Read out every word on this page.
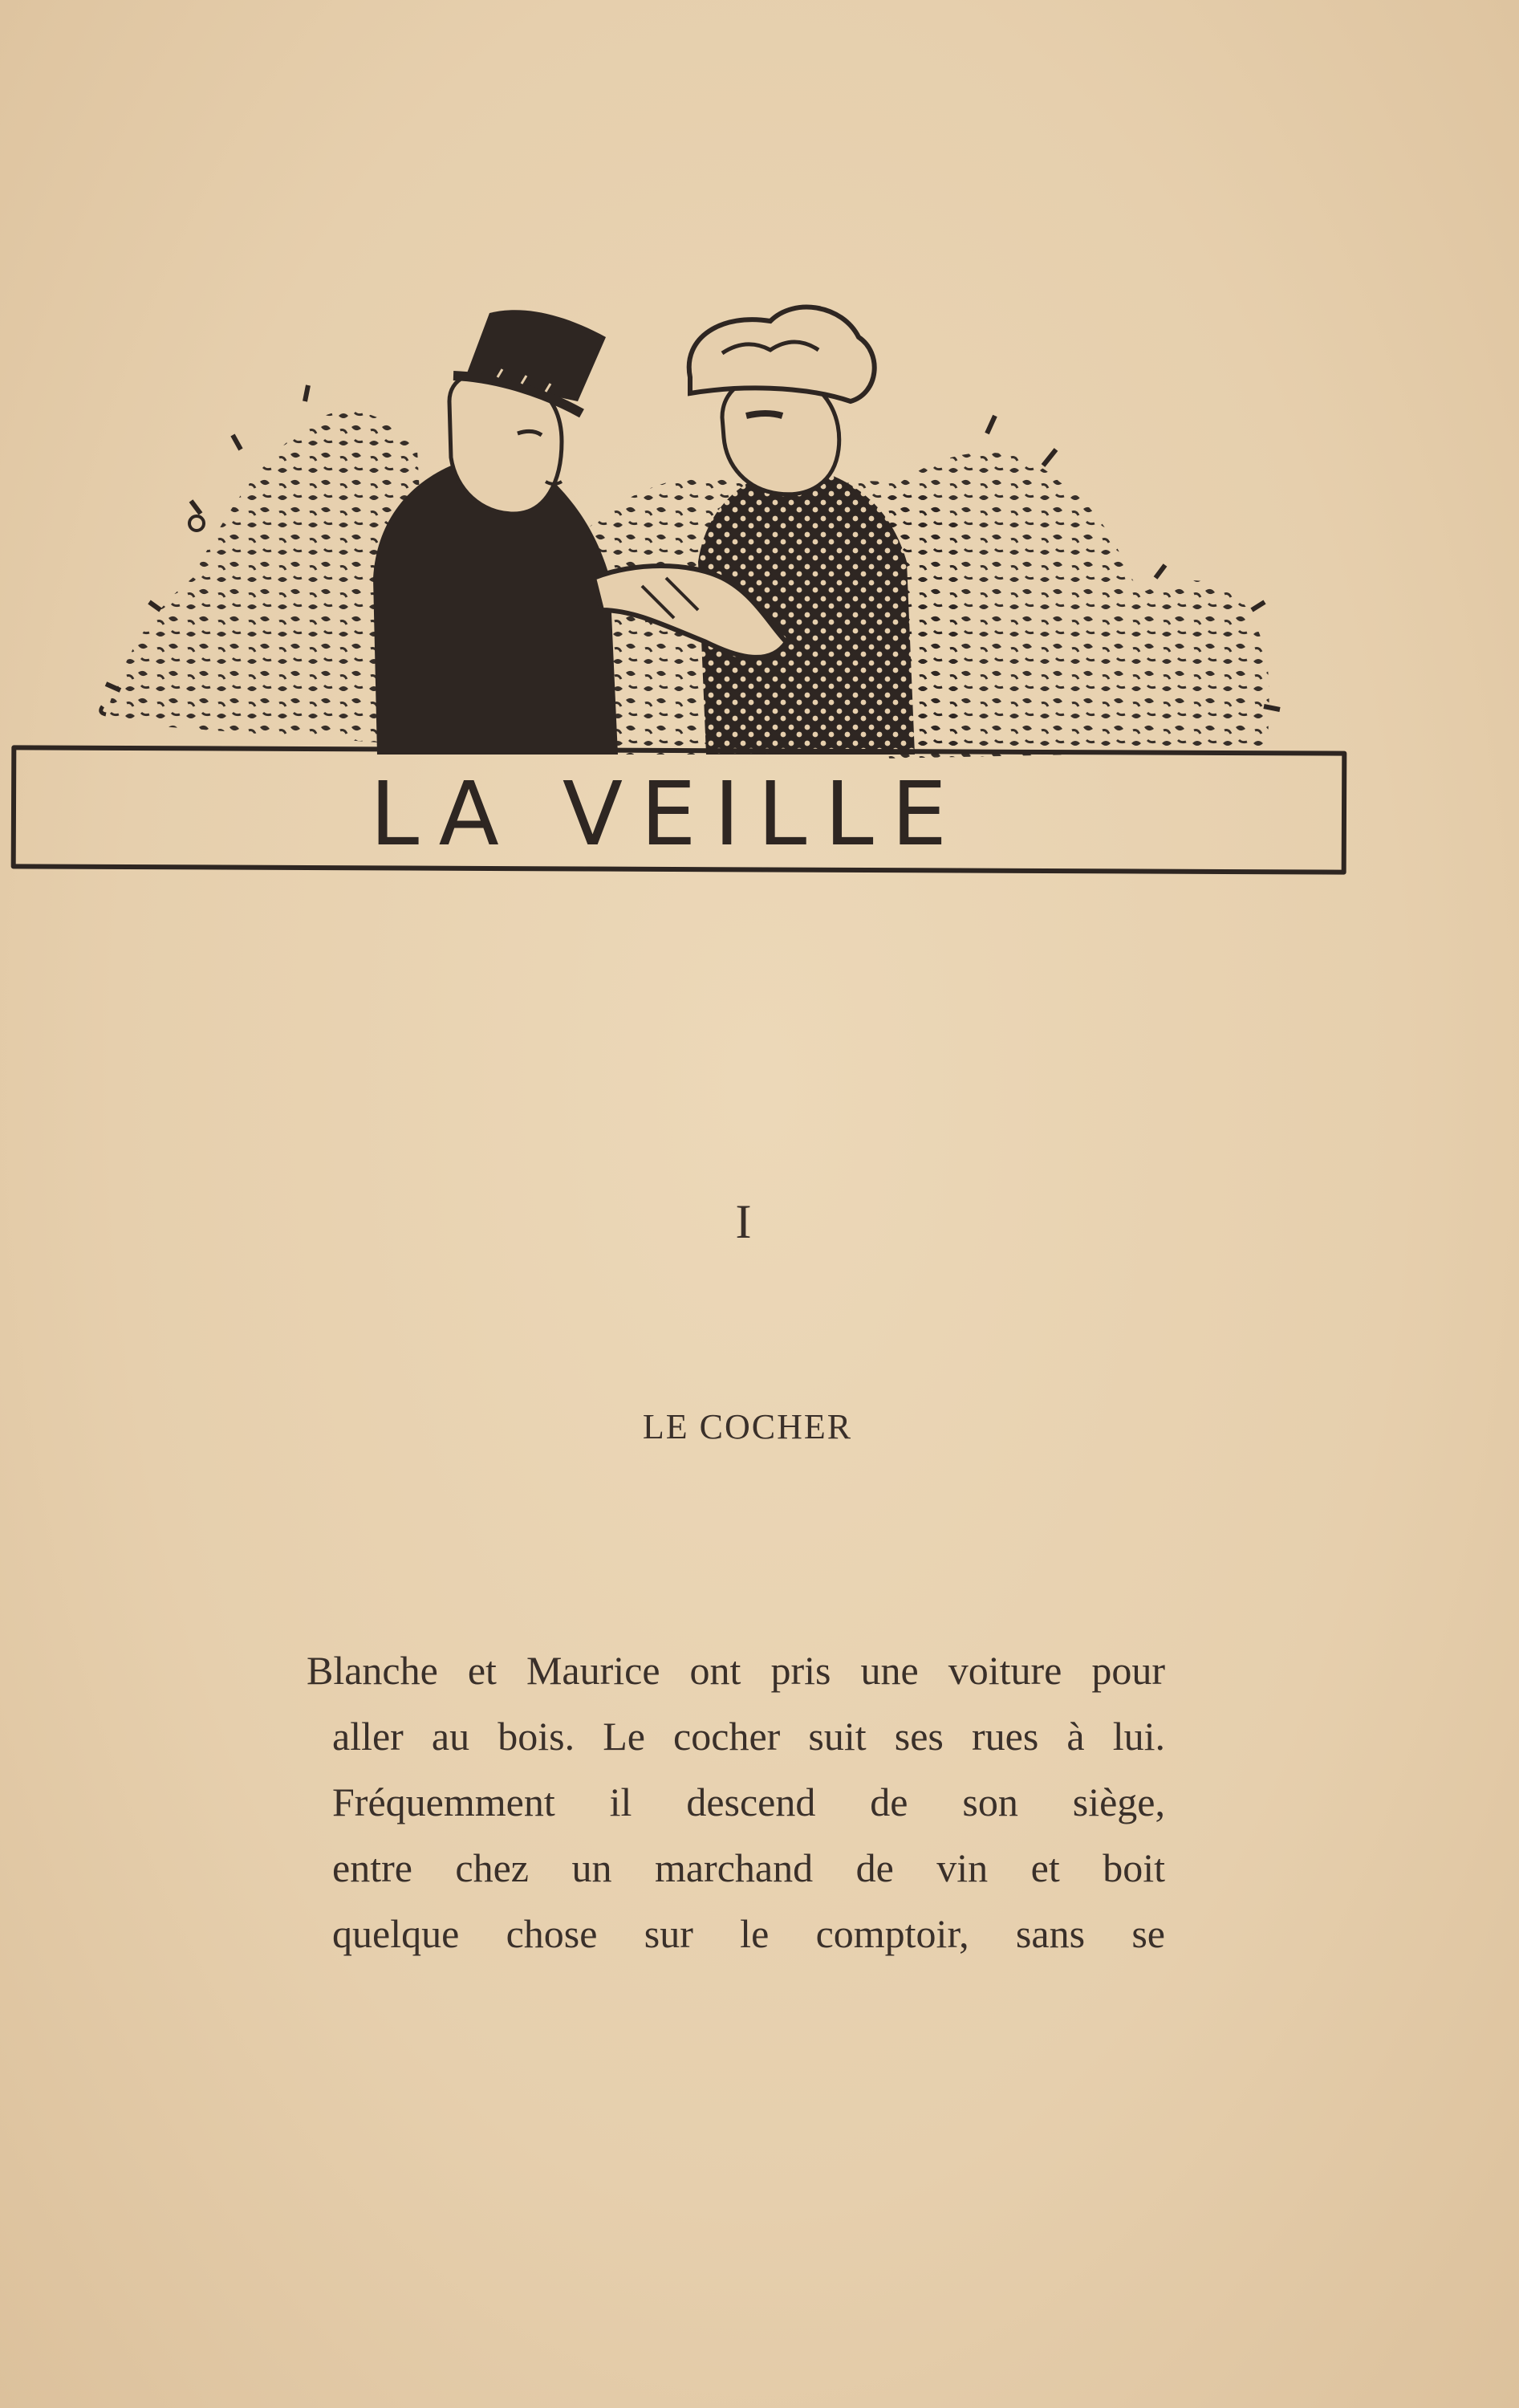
LA VEILLE
I
LE COCHER
Blanche et Maurice ont pris une voiture pour
aller au bois. Le cocher suit ses rues à lui.
Fréquemment il descend de son siège,
entre chez un marchand de vin et boit
quelque chose sur le comptoir, sans se
